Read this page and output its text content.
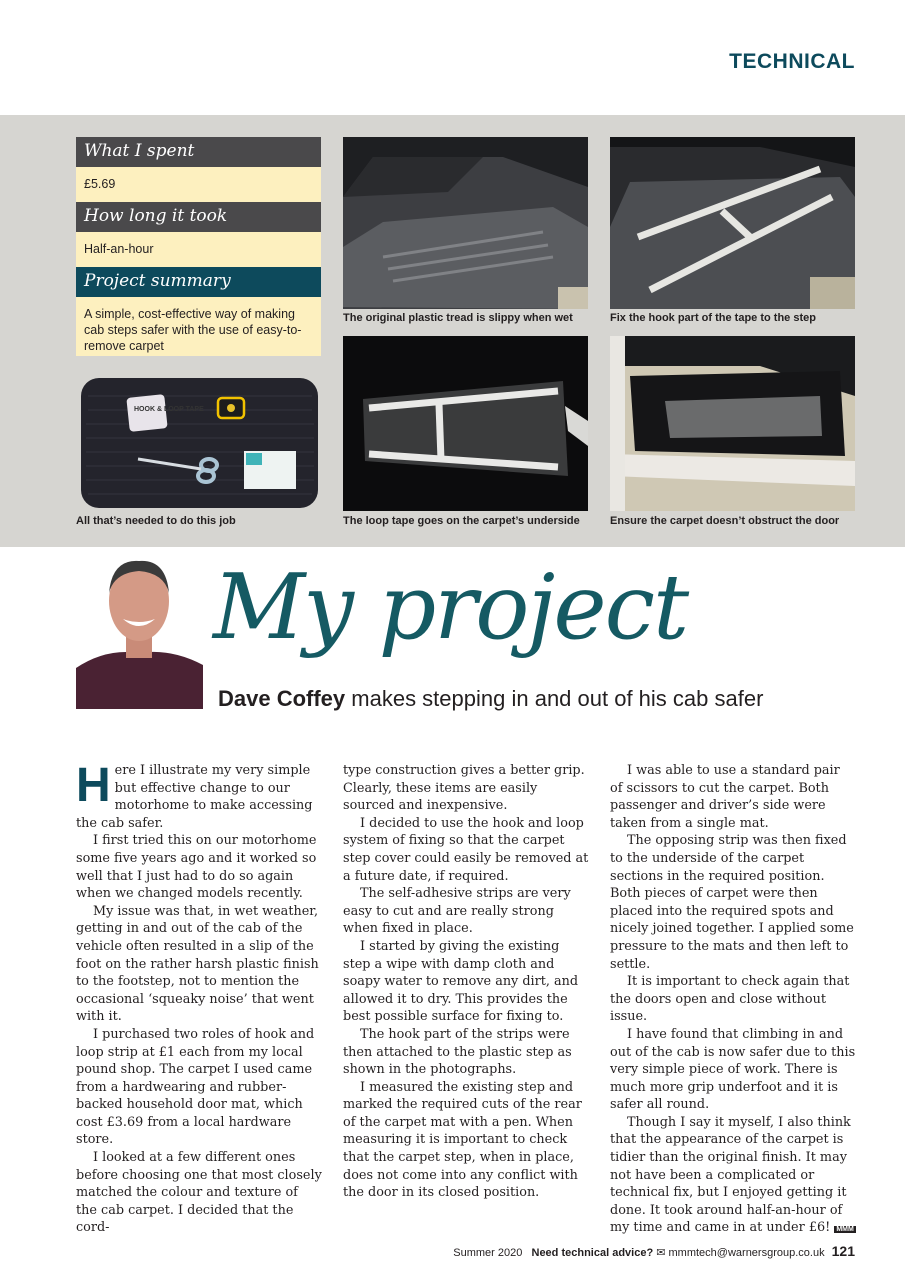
TECHNICAL
What I spent
£5.69
How long it took
Half-an-hour
Project summary
A simple, cost-effective way of making cab steps safer with the use of easy-to-remove carpet
HOOK & LOOP TAPE
All that’s needed to do this job
The original plastic tread is slippy when wet	Fix the hook part of the tape to the step
The loop tape goes on the carpet’s underside	Ensure the carpet doesn’t obstruct the door
My project
Dave Coffey makes stepping in and out of his cab safer

Here I illustrate my very simple but effective change to our motorhome to make accessing the cab safer.

I first tried this on our motorhome some five years ago and it worked so well that I just had to do so again when we changed models recently.

My issue was that, in wet weather, getting in and out of the cab of the vehicle often resulted in a slip of the foot on the rather harsh plastic finish to the footstep, not to mention the occasional ‘squeaky noise’ that went with it.

I purchased two roles of hook and loop strip at £1 each from my local pound shop. The carpet I used came from a hardwearing and rubber-backed household door mat, which cost £3.69 from a local hardware store.

I looked at a few different ones before choosing one that most closely matched the colour and texture of the cab carpet. I decided that the cord-

type construction gives a better grip. Clearly, these items are easily sourced and inexpensive.

I decided to use the hook and loop system of fixing so that the carpet step cover could easily be removed at a future date, if required.

The self-adhesive strips are very easy to cut and are really strong when fixed in place.

I started by giving the existing step a wipe with damp cloth and soapy water to remove any dirt, and allowed it to dry. This provides the best possible surface for fixing to.

The hook part of the strips were then attached to the plastic step as shown in the photographs.

I measured the existing step and marked the required cuts of the rear of the carpet mat with a pen. When measuring it is important to check that the carpet step, when in place, does not come into any conflict with the door in its closed position.

I was able to use a standard pair of scissors to cut the carpet. Both passenger and driver’s side were taken from a single mat.

The opposing strip was then fixed to the underside of the carpet sections in the required position. Both pieces of carpet were then placed into the required spots and nicely joined together. I applied some pressure to the mats and then left to settle.

It is important to check again that the doors open and close without issue.

I have found that climbing in and out of the cab is now safer due to this very simple piece of work. There is much more grip underfoot and it is safer all round.

Though I say it myself, I also think that the appearance of the carpet is tidier than the original finish. It may not have been a complicated or technical fix, but I enjoyed getting it done. It took around half-an-hour of my time and came in at under £6! MMM

Summer 2020 Need technical advice? ✉ mmmtech@warnersgroup.co.uk 121
